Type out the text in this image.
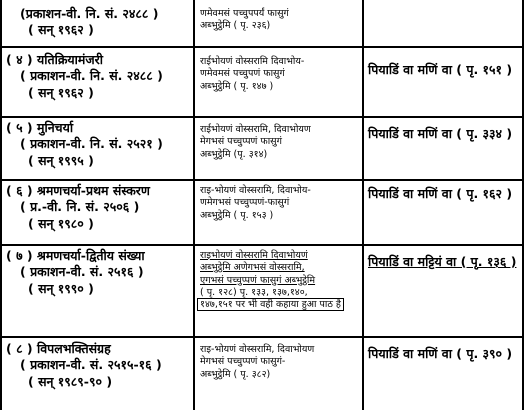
(प्रकाशन-वी. नि. सं. २४८८ )
( सन् १९६२ )
णमेवमसं पच्चुपपर्यं फासुगं
अब्भुट्ठेमि ( पृ. २३६)
( ४ ) यतिक्रियामंजरी
( प्रकाशन-वी. नि. सं. २४८८ )
( सन् १९६२ )
राईभोयणं वोस्सरामि दिवाभोय-
णमेवमसं पच्चुपणं फासुगं
अब्भुट्ठेमि ( पृ. १४७ )
पियाडिं वा मणिं वा ( पृ. १५१ )
( ५ ) मुनिचर्या
( प्रकाशन-वी. नि. सं. २५२१ )
( सन् १९९५ )
राईभोयणं वोस्सरामि, दिवाभोयण
मेगभसं पच्चुप्पणं फासुगं
अब्भुट्ठेमि (पृ. ३१४)
पियाडिं वा मणिं वा ( पृ. ३३४ )
( ६ ) श्रमणचर्या-प्रथम संस्करण
( प्र.-वी. नि. सं. २५०६ )
( सन् १९८० )
राइ-भोयणं वोस्सरामि, दिवाभोय-
णमेगभसं पच्चुप्पणं-फासुगं
अब्भुट्ठेमि ( पृ. १५३ )
पियाडिं वा मणिं वा ( पृ. १६२ )
( ७ ) श्रमणचर्या-द्वितीय संख्या
( प्रकाशन-वी. सं. २५१६ )
( सन् १९९० )
राइभोयणं वोस्सरामि दिवाभोयणं
अब्भुट्ठेमि अणेगभसं वोस्सरामि,
एगभसं पच्चुप्पणं फासुगं अब्भुट्ठेमि
( पृ. १२८) पृ. १३३, १३७,१४०,
१४७,१५१ पर भी वही कहाया हुआ पाठ है
पियाडिं वा मट्टियं वा ( पृ. १३६ )
( ८ ) विपलभक्तिसंग्रह
( प्रकाशन-वी. सं. २५१५-१६ )
( सन् १९८९-९० )
राइ-भोयणं वोस्सरामि, दिवाभोयण
मेगभसं पच्चुप्पणं फासुगं-
अब्भुट्ठेमि ( पृ. ३८२)
पियाडिं वा मणिं वा ( पृ. ३९० )
